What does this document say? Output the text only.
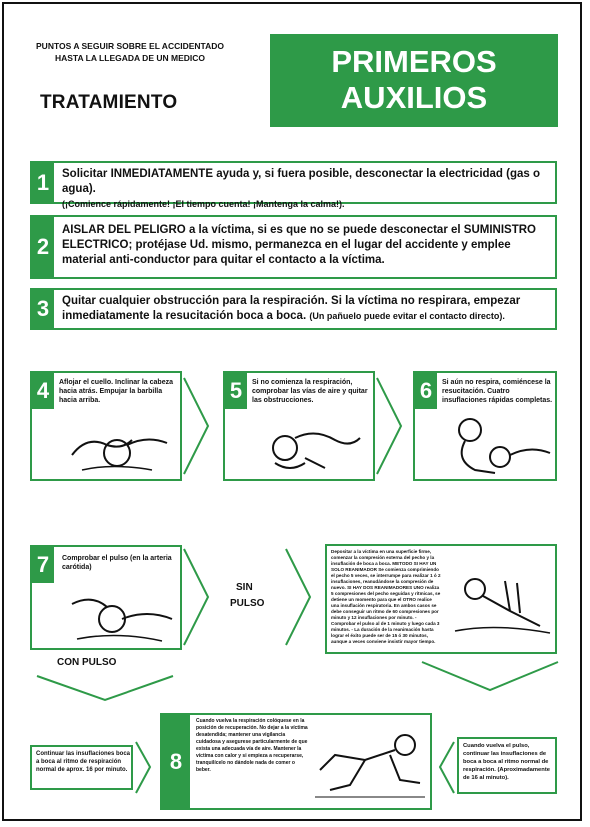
PUNTOS A SEGUIR SOBRE EL ACCIDENTADO
HASTA LA LLEGADA DE UN MEDICO
TRATAMIENTO
PRIMEROS
AUXILIOS
1	Solicitar INMEDIATAMENTE ayuda y, si fuera posible, desconectar la electricidad (gas o agua).
(¡Comience rápidamente! ¡El tiempo cuenta! ¡Mantenga la calma!).
2
AISLAR DEL PELIGRO a la víctima, si es que no se puede desconectar el SUMINISTRO ELECTRICO; protéjase Ud. mismo, permanezca en el lugar del accidente y emplee material anti-conductor para quitar el contacto a la víctima.
3	Quitar cualquier obstrucción para la respiración. Si la víctima no respirara, empezar inmediatamente la resucitación boca a boca. (Un pañuelo puede evitar el contacto directo).
4	Aflojar el cuello. Inclinar la cabeza hacia atrás. Empujar la barbilla hacia arriba.	5	Si no comienza la respiración, comprobar las vías de aire y quitar las obstrucciones.	6	Si aún no respira, comiéncese la resucitación. Cuatro insuflaciones rápidas completas.
7	Comprobar el pulso (en la arteria carótida)
SIN
PULSO
Depositar a la víctima en una superficie firme, comenzar la compresión externa del pecho y la insuflación de boca a boca. METODO SI HAY UN SOLO REANIMADOR Se comienza comprimiendo el pecho 5 veces, se interrumpe para realizar 1 ó 2 insuflaciones, reanudándose la compresión de nuevo. SI HAY DOS REANIMADORES UNO realiza 5 compresiones del pecho seguidas y rítmicas, se detiene un momento para que el OTRO realice una insuflación respiratoria. En ambos casos se debe conseguir un ritmo de 60 compresiones por minuto y 12 insuflaciones por minuto. - Comprobar el pulso al de 1 minuto y luego cada 3 minutos. - La duración de la reanimación hasta lograr el éxito puede ser de 15 ó 30 minutos, aunque a veces conviene insistir mayor tiempo.
CON PULSO
Continuar las insuflaciones boca a boca al ritmo de respiración normal de aprox. 16 por minuto.	8
Cuando vuelva la respiración colóquese en la posición de recuperación. No dejar a la víctima desatendida; mantener una vigilancia cuidadosa y asegurese particularmente de que exista una adecuada vía de aire. Mantener la víctima con calor y si empieza a recuperarse, tranquilícelo no dándole nada de comer o beber.
Cuando vuelva el pulso, continuar las insuflaciones de boca a boca al ritmo normal de respiración. (Aproximadamente de 16 al minuto).
